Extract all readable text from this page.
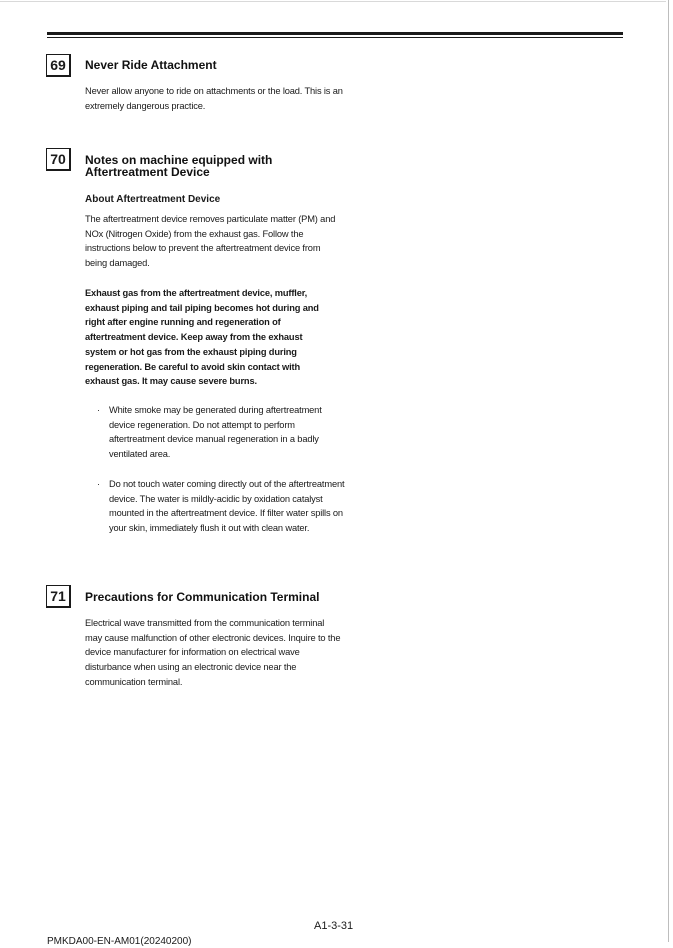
69	Never Ride Attachment
Never allow anyone to ride on attachments or the load. This is an extremely dangerous practice.
70	Notes on machine equipped with
Aftertreatment Device
About Aftertreatment Device
The aftertreatment device removes particulate matter (PM) and NOx (Nitrogen Oxide) from the exhaust gas. Follow the instructions below to prevent the aftertreatment device from being damaged.
Exhaust gas from the aftertreatment device, muffler, exhaust piping and tail piping becomes hot during and right after engine running and regeneration of aftertreatment device. Keep away from the exhaust system or hot gas from the exhaust piping during regeneration. Be careful to avoid skin contact with exhaust gas. It may cause severe burns.
· White smoke may be generated during aftertreatment device regeneration. Do not attempt to perform aftertreatment device manual regeneration in a badly ventilated area.
· Do not touch water coming directly out of the aftertreatment device. The water is mildly-acidic by oxidation catalyst mounted in the aftertreatment device. If filter water spills on your skin, immediately flush it out with clean water.
71	Precautions for Communication Terminal
Electrical wave transmitted from the communication terminal may cause malfunction of other electronic devices. Inquire to the device manufacturer for information on electrical wave disturbance when using an electronic device near the communication terminal.
A1-3-31
PMKDA00-EN-AM01(20240200)
